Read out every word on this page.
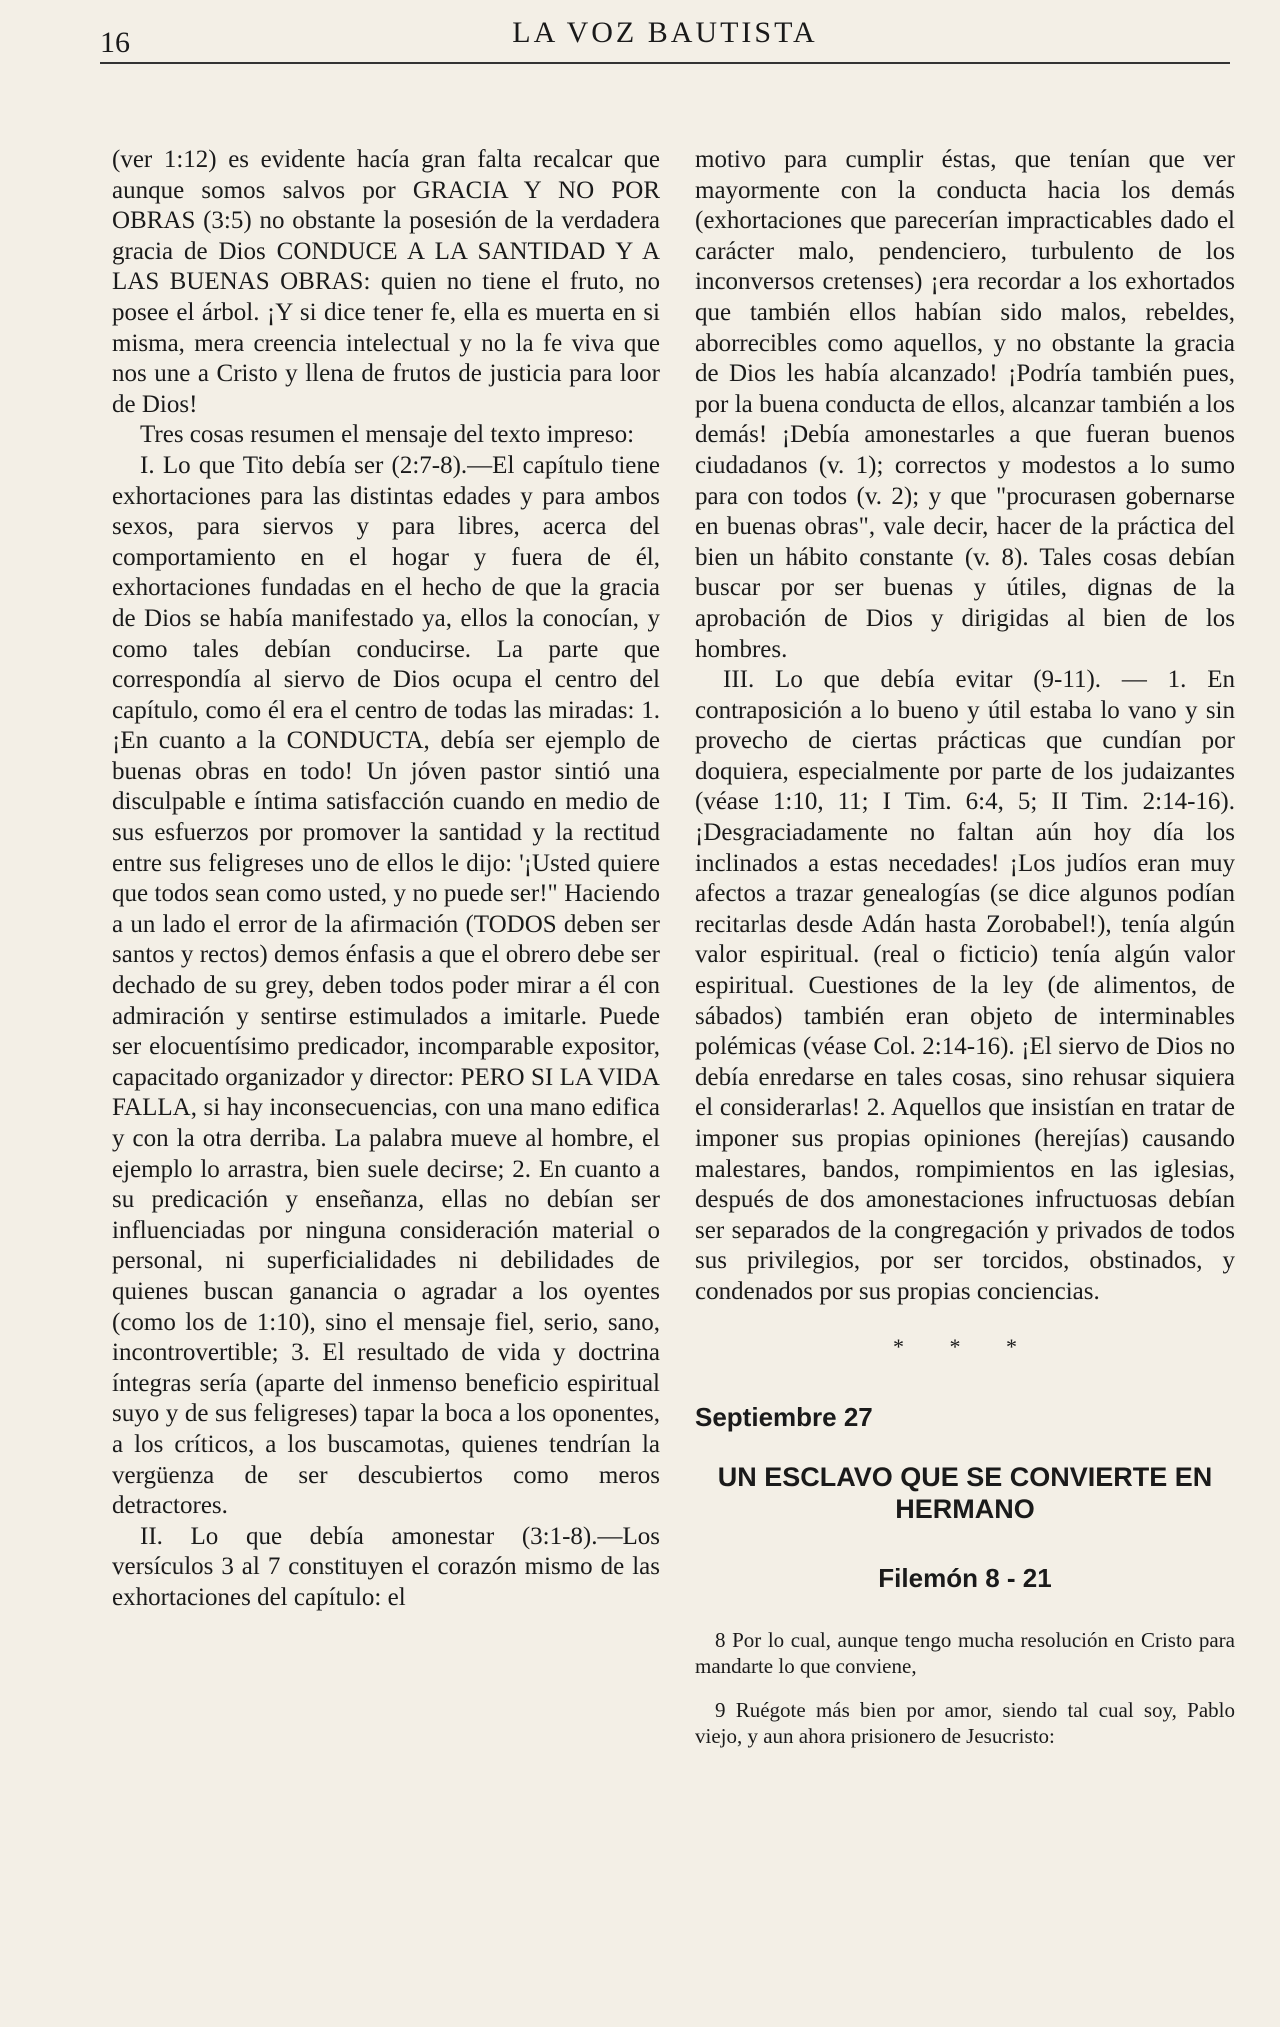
16	LA VOZ BAUTISTA

(ver 1:12) es evidente hacía gran falta recalcar que aunque somos salvos por GRACIA Y NO POR OBRAS (3:5) no obstante la posesión de la verdadera gracia de Dios CONDUCE A LA SANTIDAD Y A LAS BUENAS OBRAS: quien no tiene el fruto, no posee el árbol. ¡Y si dice tener fe, ella es muerta en si misma, mera creencia intelectual y no la fe viva que nos une a Cristo y llena de frutos de justicia para loor de Dios!

Tres cosas resumen el mensaje del texto impreso:

I. Lo que Tito debía ser (2:7-8).—El capítulo tiene exhortaciones para las distintas edades y para ambos sexos, para siervos y para libres, acerca del comportamiento en el hogar y fuera de él, exhortaciones fundadas en el hecho de que la gracia de Dios se había manifestado ya, ellos la conocían, y como tales debían conducirse. La parte que correspondía al siervo de Dios ocupa el centro del capítulo, como él era el centro de todas las miradas: 1. ¡En cuanto a la CONDUCTA, debía ser ejemplo de buenas obras en todo! Un jóven pastor sintió una disculpable e íntima satisfacción cuando en medio de sus esfuerzos por promover la santidad y la rectitud entre sus feligreses uno de ellos le dijo: '¡Usted quiere que todos sean como usted, y no puede ser!" Haciendo a un lado el error de la afirmación (TODOS deben ser santos y rectos) demos énfasis a que el obrero debe ser dechado de su grey, deben todos poder mirar a él con admiración y sentirse estimulados a imitarle. Puede ser elocuentísimo predicador, incomparable expositor, capacitado organizador y director: PERO SI LA VIDA FALLA, si hay inconsecuencias, con una mano edifica y con la otra derriba. La palabra mueve al hombre, el ejemplo lo arrastra, bien suele decirse; 2. En cuanto a su predicación y enseñanza, ellas no debían ser influenciadas por ninguna consideración material o personal, ni superficialidades ni debilidades de quienes buscan ganancia o agradar a los oyentes (como los de 1:10), sino el mensaje fiel, serio, sano, incontrovertible; 3. El resultado de vida y doctrina íntegras sería (aparte del inmenso beneficio espiritual suyo y de sus feligreses) tapar la boca a los oponentes, a los críticos, a los buscamotas, quienes tendrían la vergüenza de ser descubiertos como meros detractores.

II. Lo que debía amonestar (3:1-8).—Los versículos 3 al 7 constituyen el corazón mismo de las exhortaciones del capítulo: el

motivo para cumplir éstas, que tenían que ver mayormente con la conducta hacia los demás (exhortaciones que parecerían impracticables dado el carácter malo, pendenciero, turbulento de los inconversos cretenses) ¡era recordar a los exhortados que también ellos habían sido malos, rebeldes, aborrecibles como aquellos, y no obstante la gracia de Dios les había alcanzado! ¡Podría también pues, por la buena conducta de ellos, alcanzar también a los demás! ¡Debía amonestarles a que fueran buenos ciudadanos (v. 1); correctos y modestos a lo sumo para con todos (v. 2); y que "procurasen gobernarse en buenas obras", vale decir, hacer de la práctica del bien un hábito constante (v. 8). Tales cosas debían buscar por ser buenas y útiles, dignas de la aprobación de Dios y dirigidas al bien de los hombres.

III. Lo que debía evitar (9-11). — 1. En contraposición a lo bueno y útil estaba lo vano y sin provecho de ciertas prácticas que cundían por doquiera, especialmente por parte de los judaizantes (véase 1:10, 11; I Tim. 6:4, 5; II Tim. 2:14-16). ¡Desgraciadamente no faltan aún hoy día los inclinados a estas necedades! ¡Los judíos eran muy afectos a trazar genealogías (se dice algunos podían recitarlas desde Adán hasta Zorobabel!), tenía algún valor espiritual. (real o ficticio) tenía algún valor espiritual. Cuestiones de la ley (de alimentos, de sábados) también eran objeto de interminables polémicas (véase Col. 2:14-16). ¡El siervo de Dios no debía enredarse en tales cosas, sino rehusar siquiera el considerarlas! 2. Aquellos que insistían en tratar de imponer sus propias opiniones (herejías) causando malestares, bandos, rompimientos en las iglesias, después de dos amonestaciones infructuosas debían ser separados de la congregación y privados de todos sus privilegios, por ser torcidos, obstinados, y condenados por sus propias conciencias.

* * *
Septiembre 27
UN ESCLAVO QUE SE CONVIERTE EN HERMANO
Filemón 8 - 21

8 Por lo cual, aunque tengo mucha resolución en Cristo para mandarte lo que conviene,

9 Ruégote más bien por amor, siendo tal cual soy, Pablo viejo, y aun ahora prisionero de Jesucristo:
